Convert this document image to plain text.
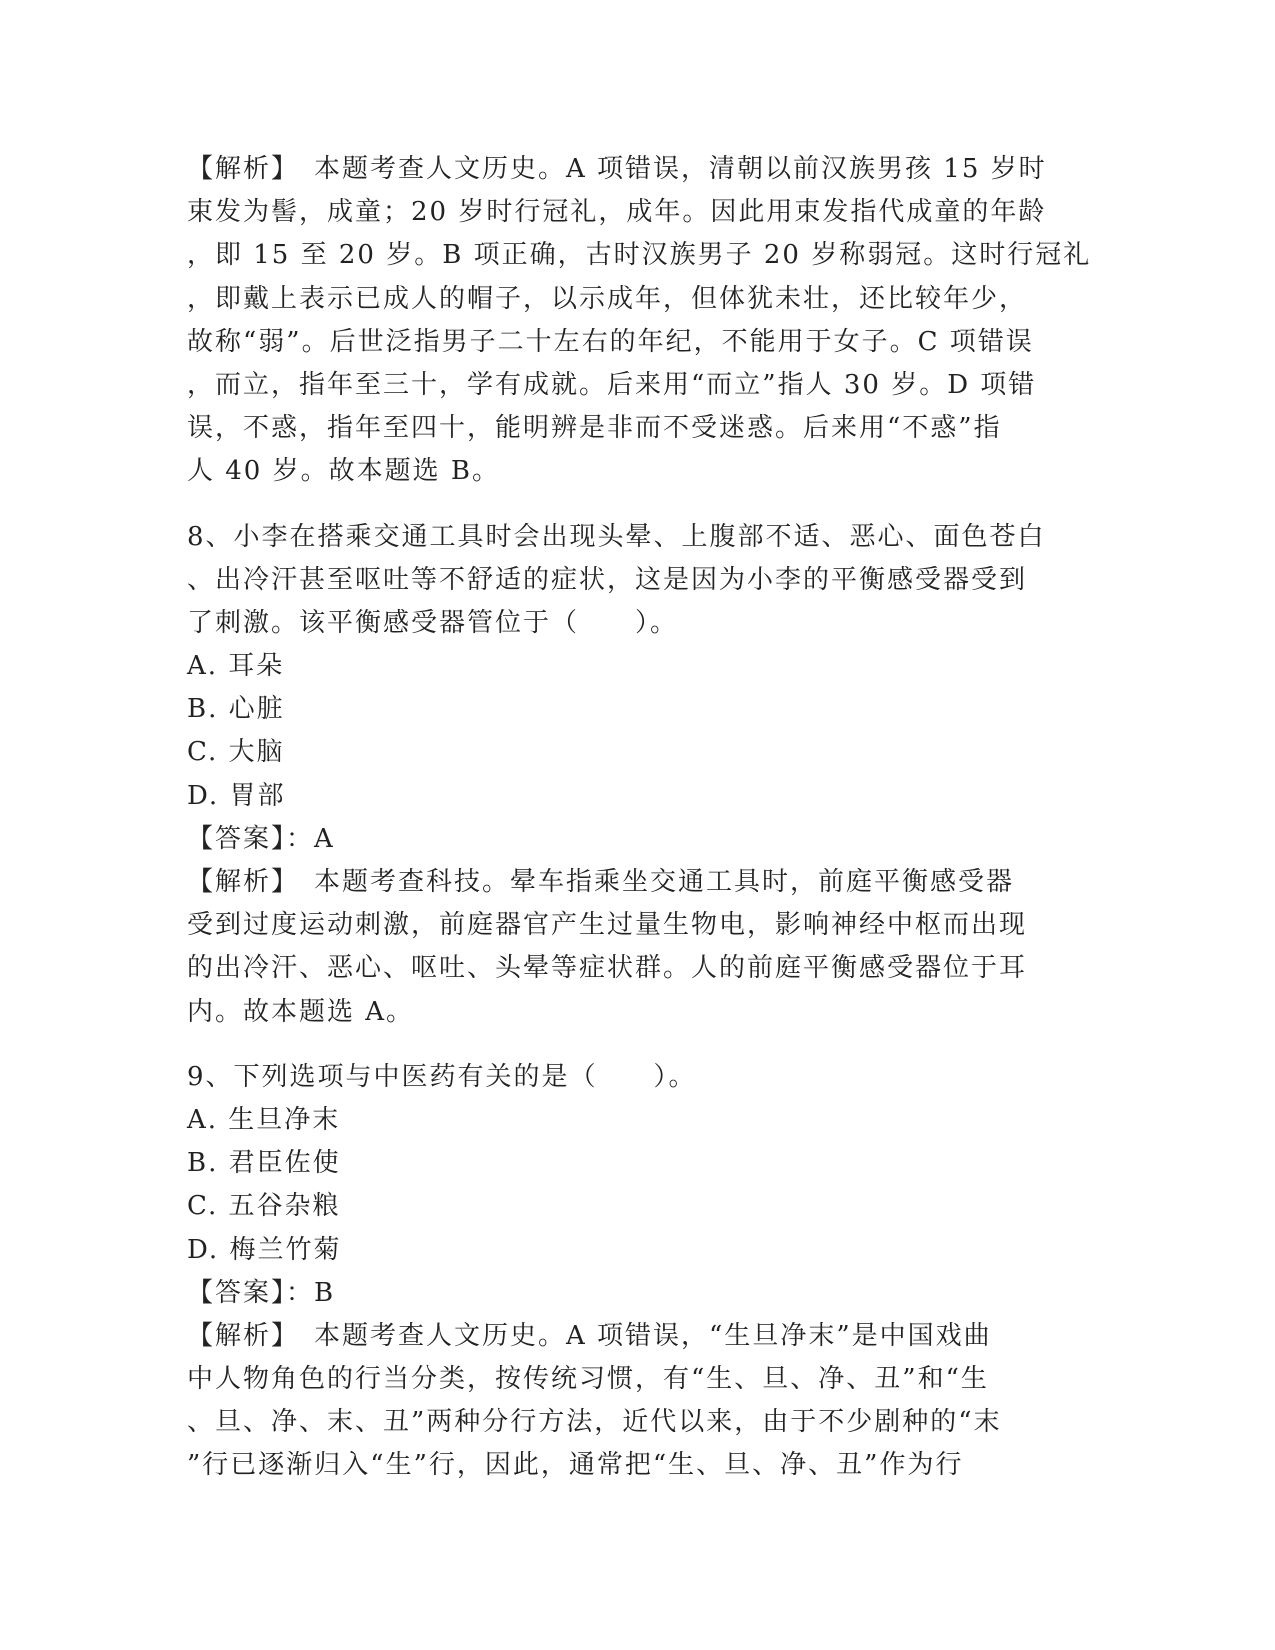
【解析】　本题考查人文历史。A 项错误，清朝以前汉族男孩 15 岁时
束发为髻，成童；20 岁时行冠礼，成年。因此用束发指代成童的年龄
，即 15 至 20 岁。B 项正确，古时汉族男子 20 岁称弱冠。这时行冠礼
，即戴上表示已成人的帽子，以示成年，但体犹未壮，还比较年少，
故称“弱”。后世泛指男子二十左右的年纪，不能用于女子。C 项错误
，而立，指年至三十，学有成就。后来用“而立”指人 30 岁。D 项错
误，不惑，指年至四十，能明辨是非而不受迷惑。后来用“不惑”指
人 40 岁。故本题选 B。
8、小李在搭乘交通工具时会出现头晕、上腹部不适、恶心、面色苍白
、出冷汗甚至呕吐等不舒适的症状，这是因为小李的平衡感受器受到
了刺激。该平衡感受器管位于（　　）。
A. 耳朵
B. 心脏
C. 大脑
D. 胃部
【答案】：A
【解析】　本题考查科技。晕车指乘坐交通工具时，前庭平衡感受器
受到过度运动刺激，前庭器官产生过量生物电，影响神经中枢而出现
的出冷汗、恶心、呕吐、头晕等症状群。人的前庭平衡感受器位于耳
内。故本题选 A。
9、下列选项与中医药有关的是（　　）。
A. 生旦净末
B. 君臣佐使
C. 五谷杂粮
D. 梅兰竹菊
【答案】：B
【解析】　本题考查人文历史。A 项错误，“生旦净末”是中国戏曲
中人物角色的行当分类，按传统习惯，有“生、旦、净、丑”和“生
、旦、净、末、丑”两种分行方法，近代以来，由于不少剧种的“末
”行已逐渐归入“生”行，因此，通常把“生、旦、净、丑”作为行
